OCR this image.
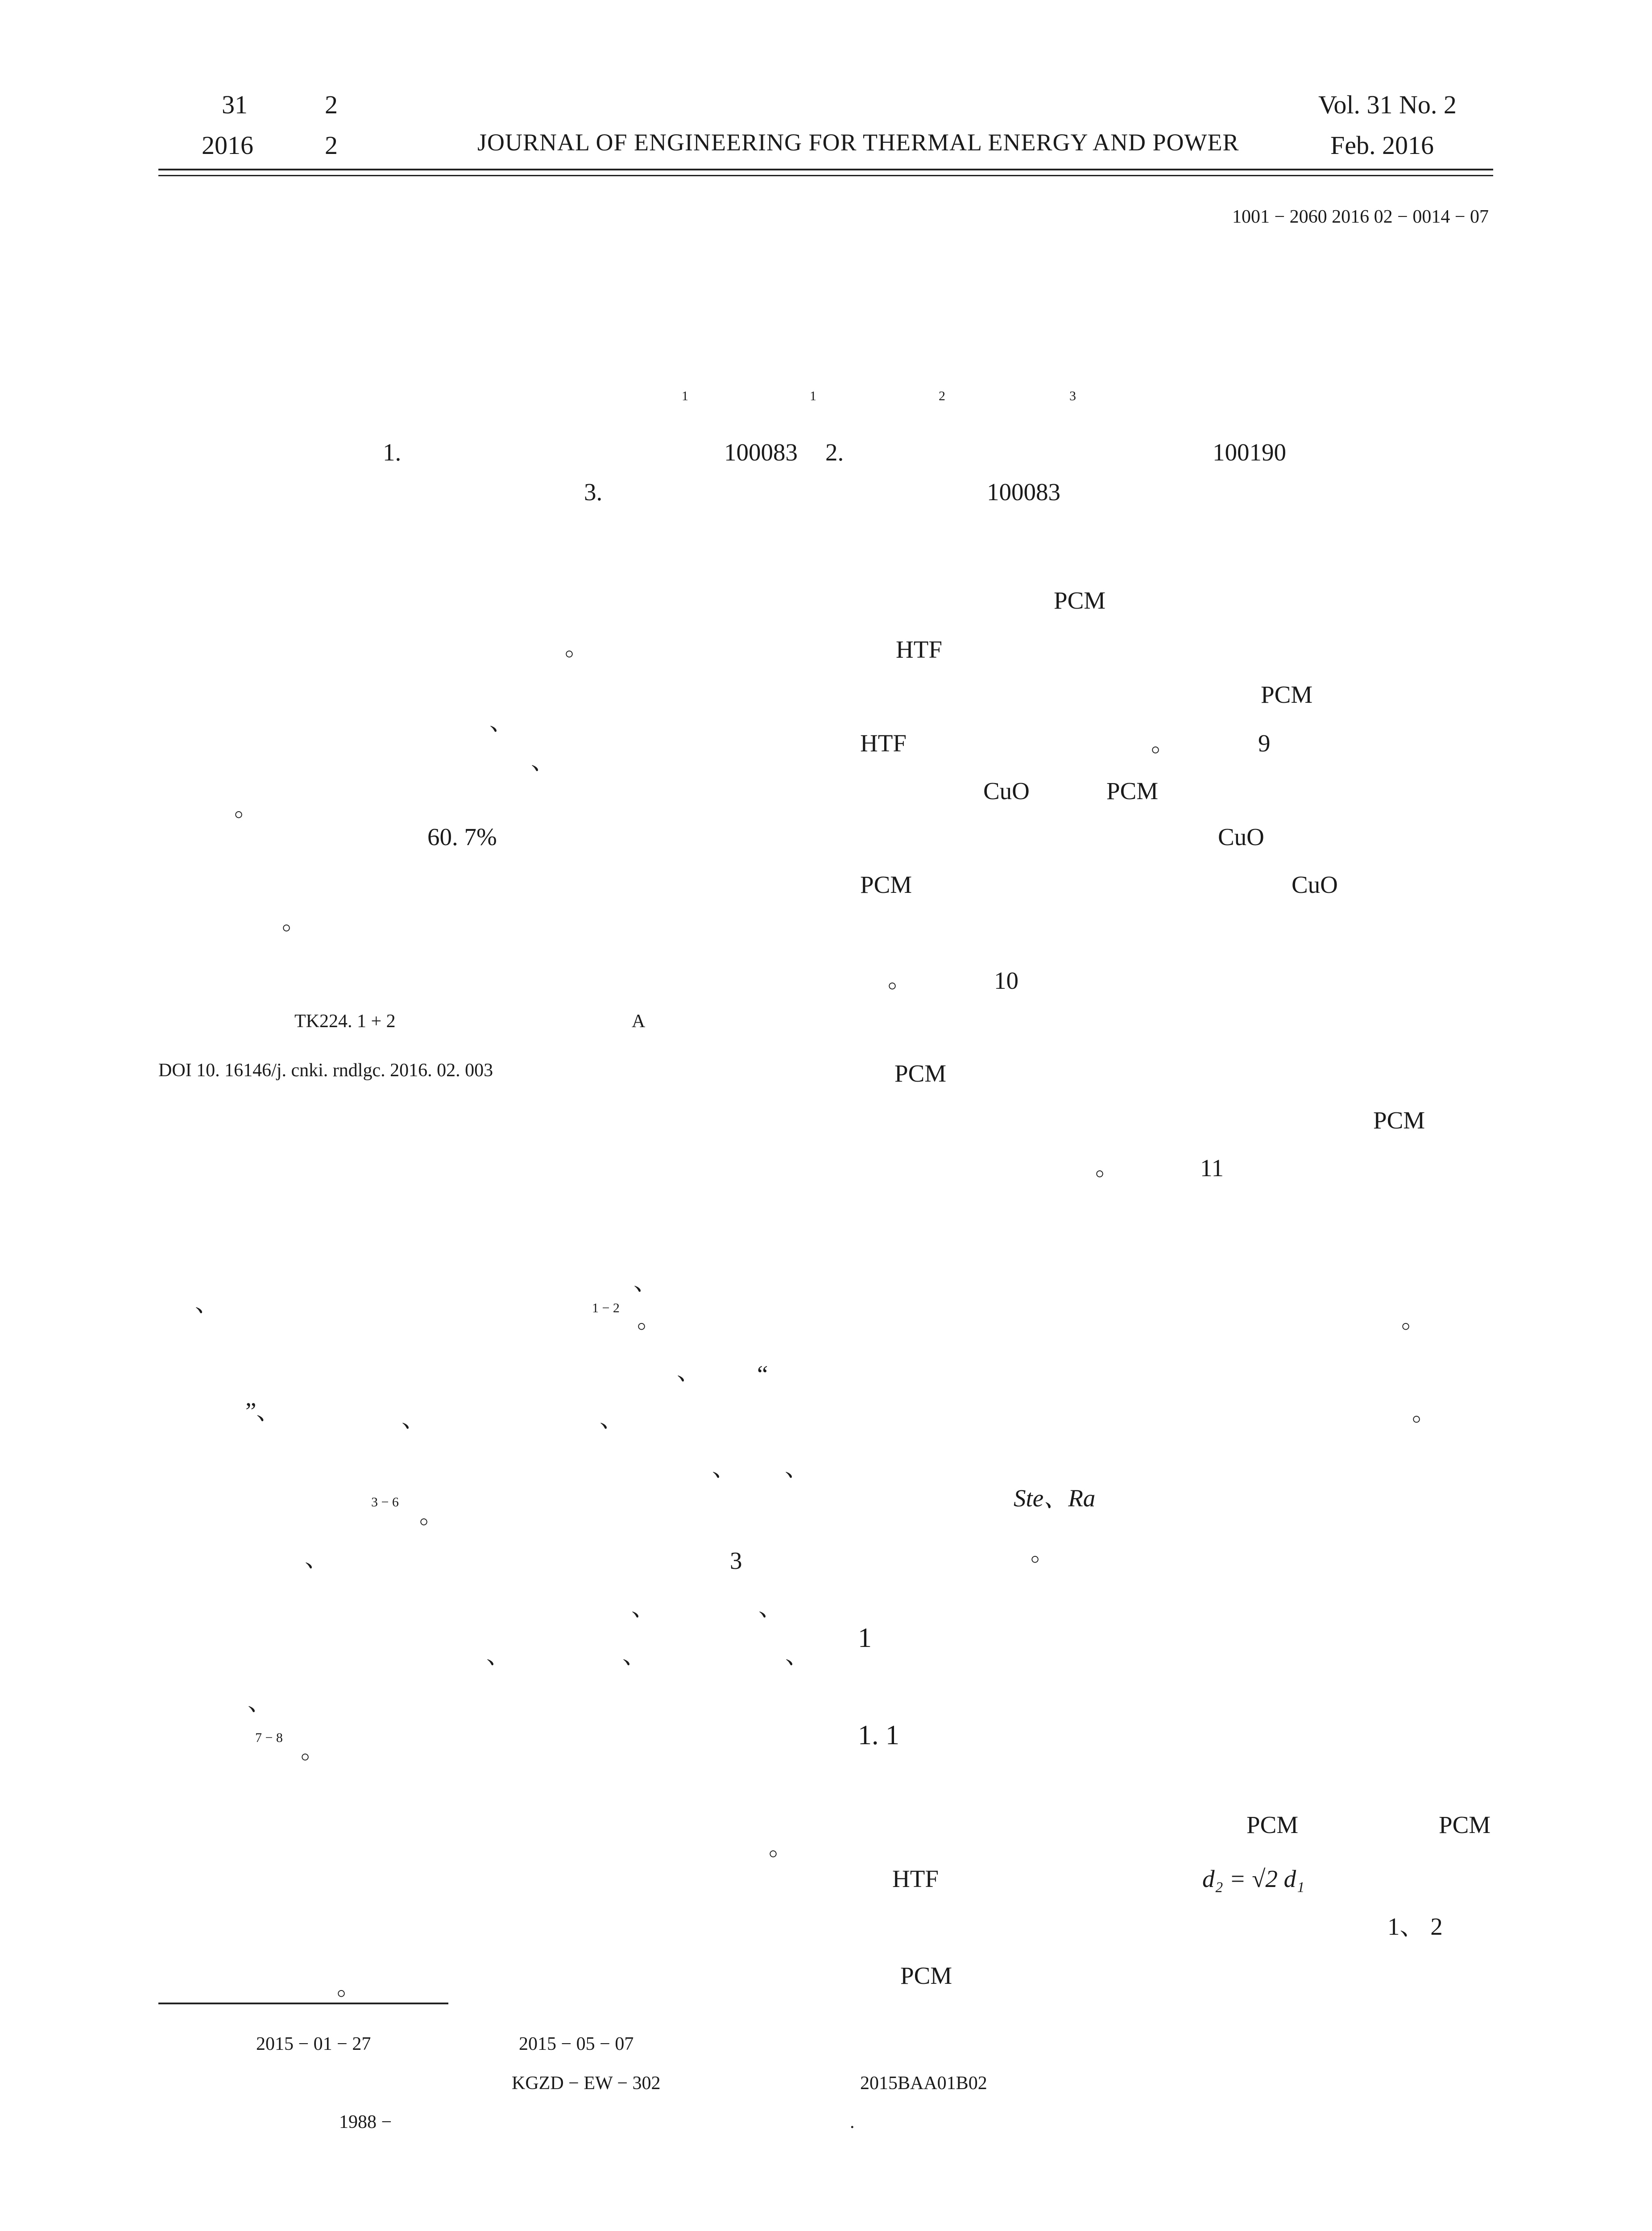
31	2
2016	2	JOURNAL OF ENGINEERING FOR THERMAL ENERGY AND POWER
Vol. 31 No. 2
Feb. 2016
1001 − 2060 2016 02 − 0014 − 07
1	1	2	3
1.	100083 2.	100190
3.	100083
PCM
。	HTF
PCM
、
HTF	。	9
、
CuO	PCM
。
60. 7%	CuO
PCM	CuO
。
。	10
TK224. 1 + 2	A
DOI 10. 16146/j. cnki. rndlgc. 2016. 02. 003	PCM
PCM
。	11
、
、	1 − 2 。
、 “
”、	、	、
、 、
3 − 6 。
、	3
、	、
、	、	、
、
7 − 8 。
。
。
。
。
Ste、Ra
。
1
1. 1
PCM	PCM
HTF	d₂ = √2 d₁
1、 2
PCM
2015 − 01 − 27	2015 − 05 − 07
KGZD − EW − 302	2015BAA01B02
1988 −	.
